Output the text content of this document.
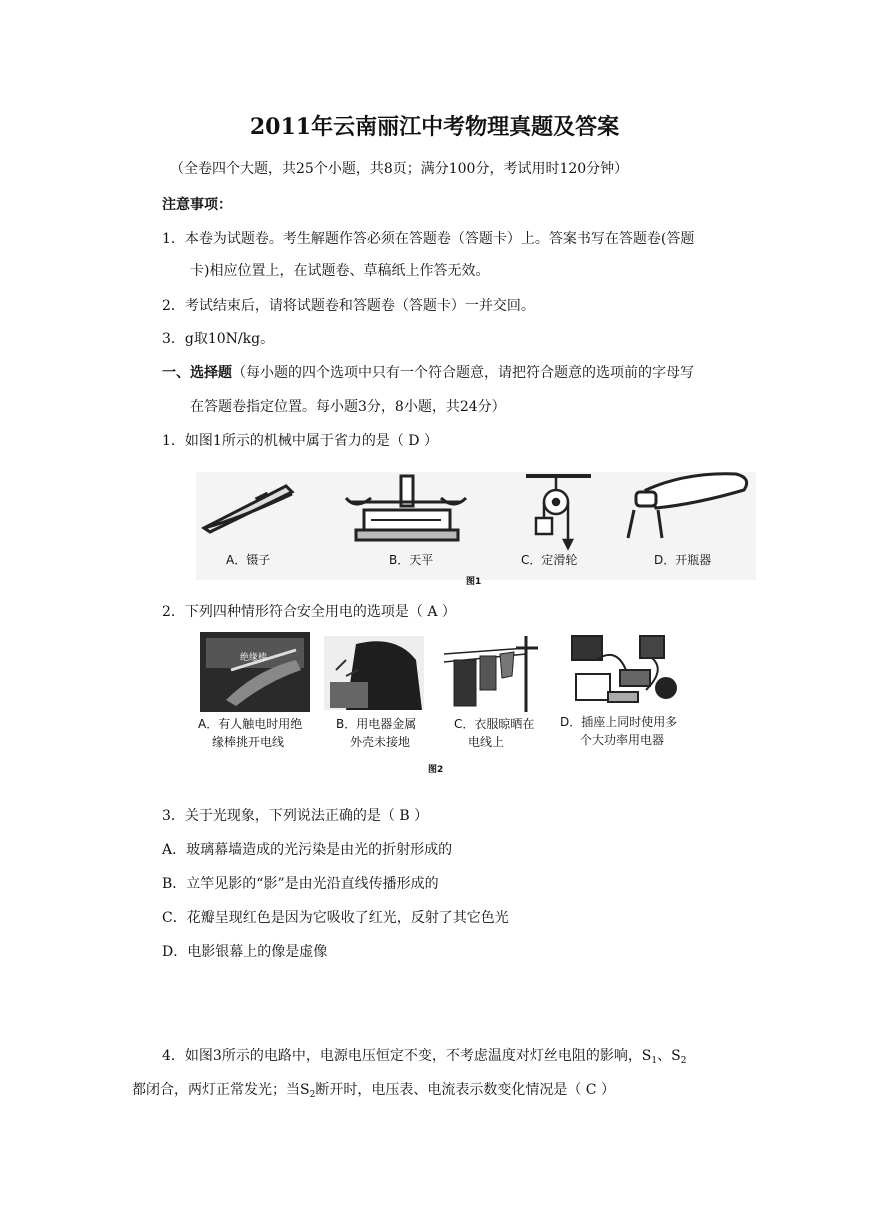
2011年云南丽江中考物理真题及答案
（全卷四个大题，共25个小题，共8页；满分100分，考试用时120分钟）
注意事项：
1．本卷为试题卷。考生解题作答必须在答题卷（答题卡）上。答案书写在答题卷(答题
卡)相应位置上，在试题卷、草稿纸上作答无效。
2．考试结束后，请将试题卷和答题卷（答题卡）一并交回。
3．g取10N/kg。
一、选择题（每小题的四个选项中只有一个符合题意，请把符合题意的选项前的字母写
在答题卷指定位置。每小题3分，8小题，共24分）
1．如图1所示的机械中属于省力的是（ D ）
A．镊子	B．天平	C．定滑轮	D．开瓶器
图1
2．下列四种情形符合安全用电的选项是（ A ）
A．有人触电时用绝
缘棒挑开电线
B．用电器金属
外壳未接地
C．衣服晾晒在
电线上
D．插座上同时使用多
个大功率用电器
绝缘棒
图2
3．关于光现象，下列说法正确的是（ B ）
A．玻璃幕墙造成的光污染是由光的折射形成的
B．立竿见影的“影”是由光沿直线传播形成的
C．花瓣呈现红色是因为它吸收了红光，反射了其它色光
D．电影银幕上的像是虚像
4．如图3所示的电路中，电源电压恒定不变，不考虑温度对灯丝电阻的影响，$S_1$、$S_2$
都闭合，两灯正常发光；当$S_2$断开时，电压表、电流表示数变化情况是（ C ）
